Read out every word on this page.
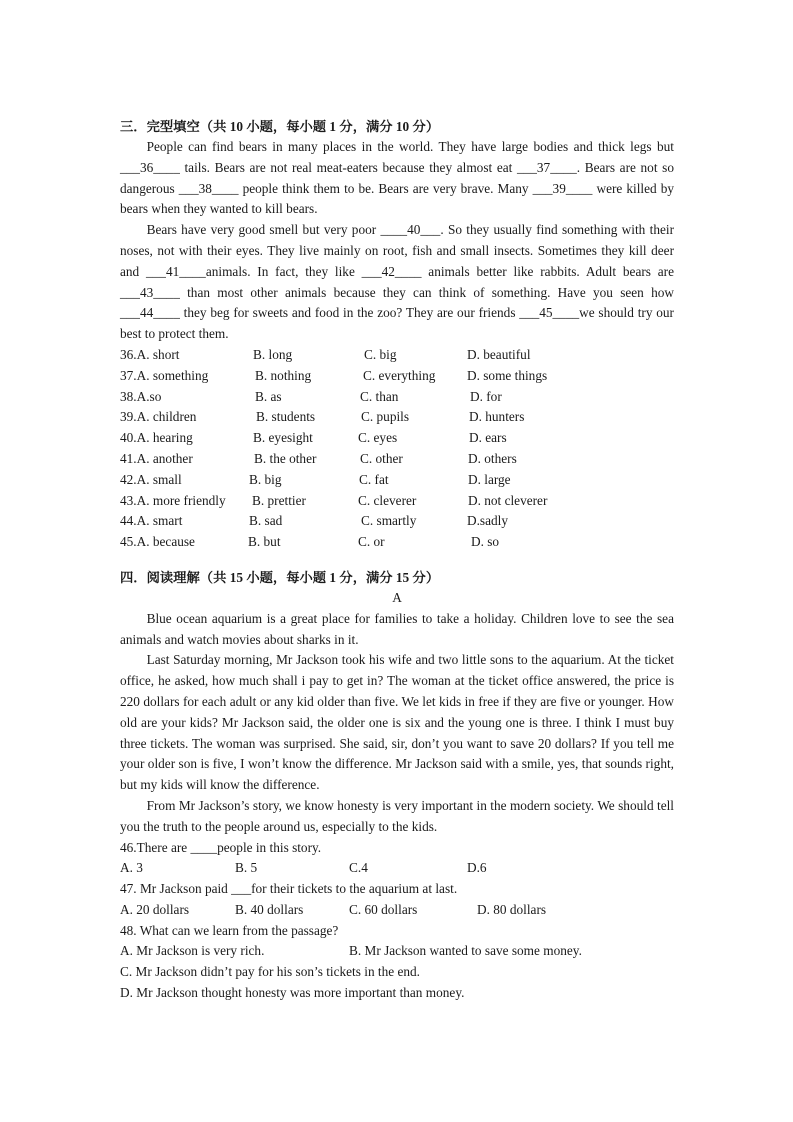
三．完型填空（共 10 小题，每小题 1 分，满分 10 分）

People can find bears in many places in the world. They have large bodies and thick legs but ___36____ tails. Bears are not real meat-eaters because they almost eat ___37____. Bears are not so dangerous ___38____ people think them to be. Bears are very brave. Many ___39____ were killed by bears when they wanted to kill bears.

Bears have very good smell but very poor ____40___. So they usually find something with their noses, not with their eyes. They live mainly on root, fish and small insects. Sometimes they kill deer and ___41____animals. In fact, they like ___42____ animals better like rabbits. Adult bears are ___43____ than most other animals because they can think of something. Have you seen how ___44____ they beg for sweets and food in the zoo? They are our friends ___45____we should try our best to protect them.

36.A. short	B. long	C. big	D. beautiful
37.A. something	B. nothing	C. everything D. some things
38.A.so	B. as	C. than	D. for
39.A. children	B. students	C. pupils	D. hunters
40.A. hearing	B. eyesight	C. eyes	D. ears
41.A. another	B. the other	C. other	D. others
42.A. small	B. big	C. fat	D. large
43.A. more friendly B. prettier	C. cleverer	D. not cleverer
44.A. smart	B. sad	C. smartly	D.sadly
45.A. because	B. but	C. or	D. so
四．阅读理解（共 15 小题，每小题 1 分，满分 15 分）
A

Blue ocean aquarium is a great place for families to take a holiday. Children love to see the sea animals and watch movies about sharks in it.

Last Saturday morning, Mr Jackson took his wife and two little sons to the aquarium. At the ticket office, he asked, how much shall i pay to get in? The woman at the ticket office answered, the price is 220 dollars for each adult or any kid older than five. We let kids in free if they are five or younger. How old are your kids? Mr Jackson said, the older one is six and the young one is three. I think I must buy three tickets. The woman was surprised. She said, sir, don’t you want to save 20 dollars? If you tell me your older son is five, I won’t know the difference. Mr Jackson said with a smile, yes, that sounds right, but my kids will know the difference.

From Mr Jackson’s story, we know honesty is very important in the modern society. We should tell you the truth to the people around us, especially to the kids.

46.There are ____people in this story.
A. 3	B. 5	C.4	D.6
47. Mr Jackson paid ___for their tickets to the aquarium at last.
A. 20 dollars	B. 40 dollars	C. 60 dollars	D. 80 dollars
48. What can we learn from the passage?
A. Mr Jackson is very rich.	B. Mr Jackson wanted to save some money.
C. Mr Jackson didn’t pay for his son’s tickets in the end.
D. Mr Jackson thought honesty was more important than money.
